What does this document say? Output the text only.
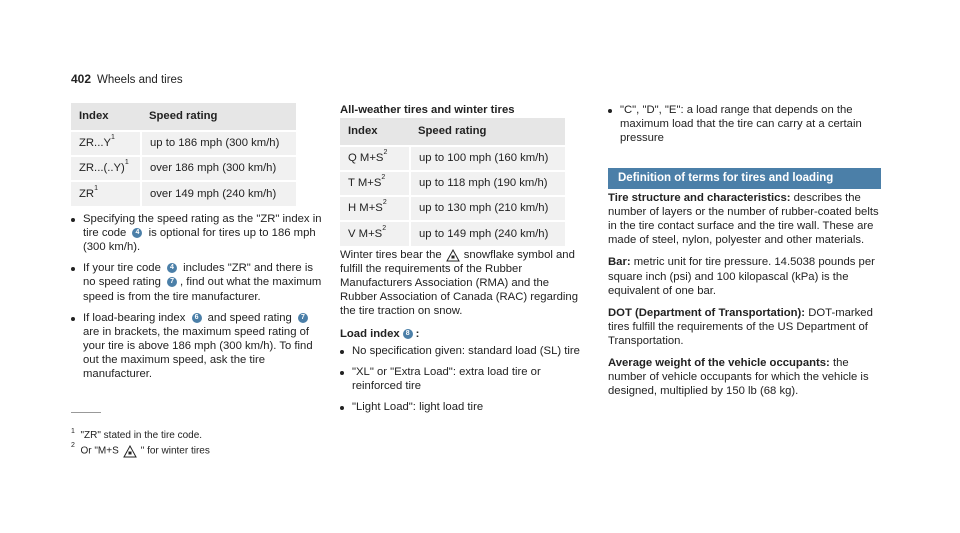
402 Wheels and tires
Index	Speed rating
$ZR...Y^1$	up to 186 mph (300 km/h)
$ZR...(..Y)^1$	over 186 mph (300 km/h)
$ZR^1$	over 149 mph (240 km/h)
Specifying the speed rating as the "ZR" index in tire code 4 is optional for tires up to 186 mph (300 km/h).
If your tire code 4 includes "ZR" and there is no speed rating 7 , find out what the maximum speed is from the tire manufacturer.
If load-bearing index 6 and speed rating 7 are in brackets, the maximum speed rating of your tire is above 186 mph (300 km/h). To find out the maximum speed, ask the tire manufacturer.
All-weather tires and winter tires
Index	Speed rating
Q $M+S^2$	up to 100 mph (160 km/h)
T $M+S^2$	up to 118 mph (190 km/h)
H $M+S^2$	up to 130 mph (210 km/h)
V $M+S^2$	up to 149 mph (240 km/h)

Winter tires bear the snowflake symbol and fulfill the requirements of the Rubber Manufacturers Association (RMA) and the Rubber Association of Canada (RAC) regarding the tire traction on snow.

Load index 8 :

No specification given: standard load (SL) tire
"XL" or "Extra Load": extra load tire or reinforced tire
"Light Load": light load tire
"C", "D", "E": a load range that depends on the maximum load that the tire can carry at a certain pressure
Definition of terms for tires and loading

Tire structure and characteristics: describes the number of layers or the number of rubber-coated belts in the tire contact surface and the tire wall. These are made of steel, nylon, polyester and other materials.

Bar: metric unit for tire pressure. 14.5038 pounds per square inch (psi) and 100 kilopascal (kPa) is the equivalent of one bar.

DOT (Department of Transportation): DOT-marked tires fulfill the requirements of the US Department of Transportation.

Average weight of the vehicle occupants: the number of vehicle occupants for which the vehicle is designed, multiplied by 150 lb (68 kg).

$^1$ "ZR" stated in the tire code.
$^2$  Or "M+S " for winter tires
